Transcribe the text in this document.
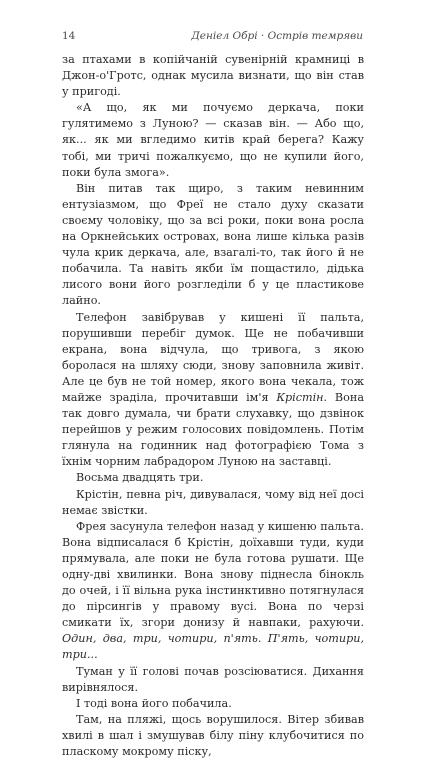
14	Деніел Обрі · Острів темряви

за птахами в копійчаній сувенірній крамниці в Джон-о'Гротс, однак мусила визнати, що він став у пригоді.

«А що, як ми почуємо деркача, поки гулятимемо з Луною? — сказав він. — Або що, як... як ми вгледимо китів край берега? Кажу тобі, ми тричі пожалкуємо, що не купили його, поки була змога».

Він питав так щиро, з таким невинним ентузіазмом, що Фреї не стало духу сказати своєму чоловіку, що за всі роки, поки вона росла на Оркнейських островах, вона лише кілька разів чула крик деркача, але, взагалі-то, так його й не побачила. Та навіть якби їм пощастило, дідька лисого вони його розгледіли б у це пластикове лайно.

Телефон завібрував у кишені її пальта, порушивши перебіг думок. Ще не побачивши екрана, вона відчула, що тривога, з якою боролася на шляху сюди, знову заповнила живіт. Але це був не той номер, якого вона чекала, тож майже зраділа, прочитавши ім'я Крістін. Вона так довго думала, чи брати слухавку, що дзвінок перейшов у режим голосових повідомлень. Потім глянула на годинник над фотографією Тома з їхнім чорним лабрадором Луною на заставці.

Восьма двадцять три.

Крістін, певна річ, дивувалася, чому від неї досі немає звістки.

Фрея засунула телефон назад у кишеню пальта. Вона відписалася б Крістін, доїхавши туди, куди прямувала, але поки не була готова рушати. Ще одну-дві хвилинки. Вона знову піднесла бінокль до очей, і її вільна рука інстинктивно потягнулася до пірсингів у правому вусі. Вона по черзі смикати їх, згори донизу й навпаки, рахуючи. Один, два, три, чотири, п'ять. П'ять, чотири, три...

Туман у її голові почав розсіюватися. Дихання вирівнялося.

І тоді вона його побачила.

Там, на пляжі, щось ворушилося. Вітер збивав хвилі в шал і змушував білу піну клубочитися по пласкому мокрому піску,
